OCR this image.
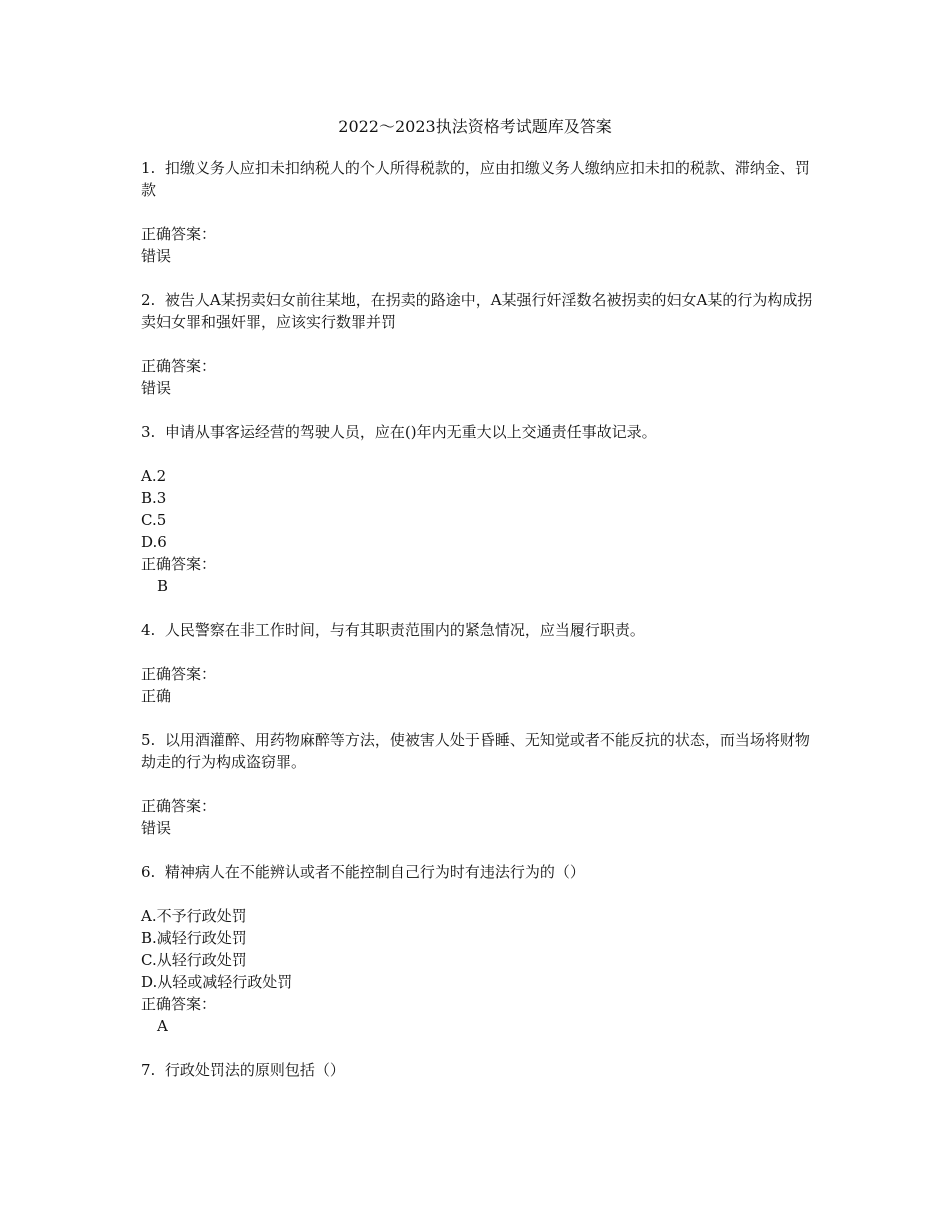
2022～2023执法资格考试题库及答案

1. 扣缴义务人应扣未扣纳税人的个人所得税款的，应由扣缴义务人缴纳应扣未扣的税款、滞纳金、罚款

正确答案：

错误

2. 被告人A某拐卖妇女前往某地，在拐卖的路途中，A某强行奸淫数名被拐卖的妇女A某的行为构成拐卖妇女罪和强奸罪，应该实行数罪并罚

正确答案：

错误

3. 申请从事客运经营的驾驶人员，应在()年内无重大以上交通责任事故记录。

A.2

B.3

C.5

D.6

正确答案：

B

4. 人民警察在非工作时间，与有其职责范围内的紧急情况，应当履行职责。

正确答案：

正确

5. 以用酒灌醉、用药物麻醉等方法，使被害人处于昏睡、无知觉或者不能反抗的状态，而当场将财物劫走的行为构成盗窃罪。

正确答案：

错误

6. 精神病人在不能辨认或者不能控制自己行为时有违法行为的（）

A.不予行政处罚

B.减轻行政处罚

C.从轻行政处罚

D.从轻或减轻行政处罚

正确答案：

A

7. 行政处罚法的原则包括（）
